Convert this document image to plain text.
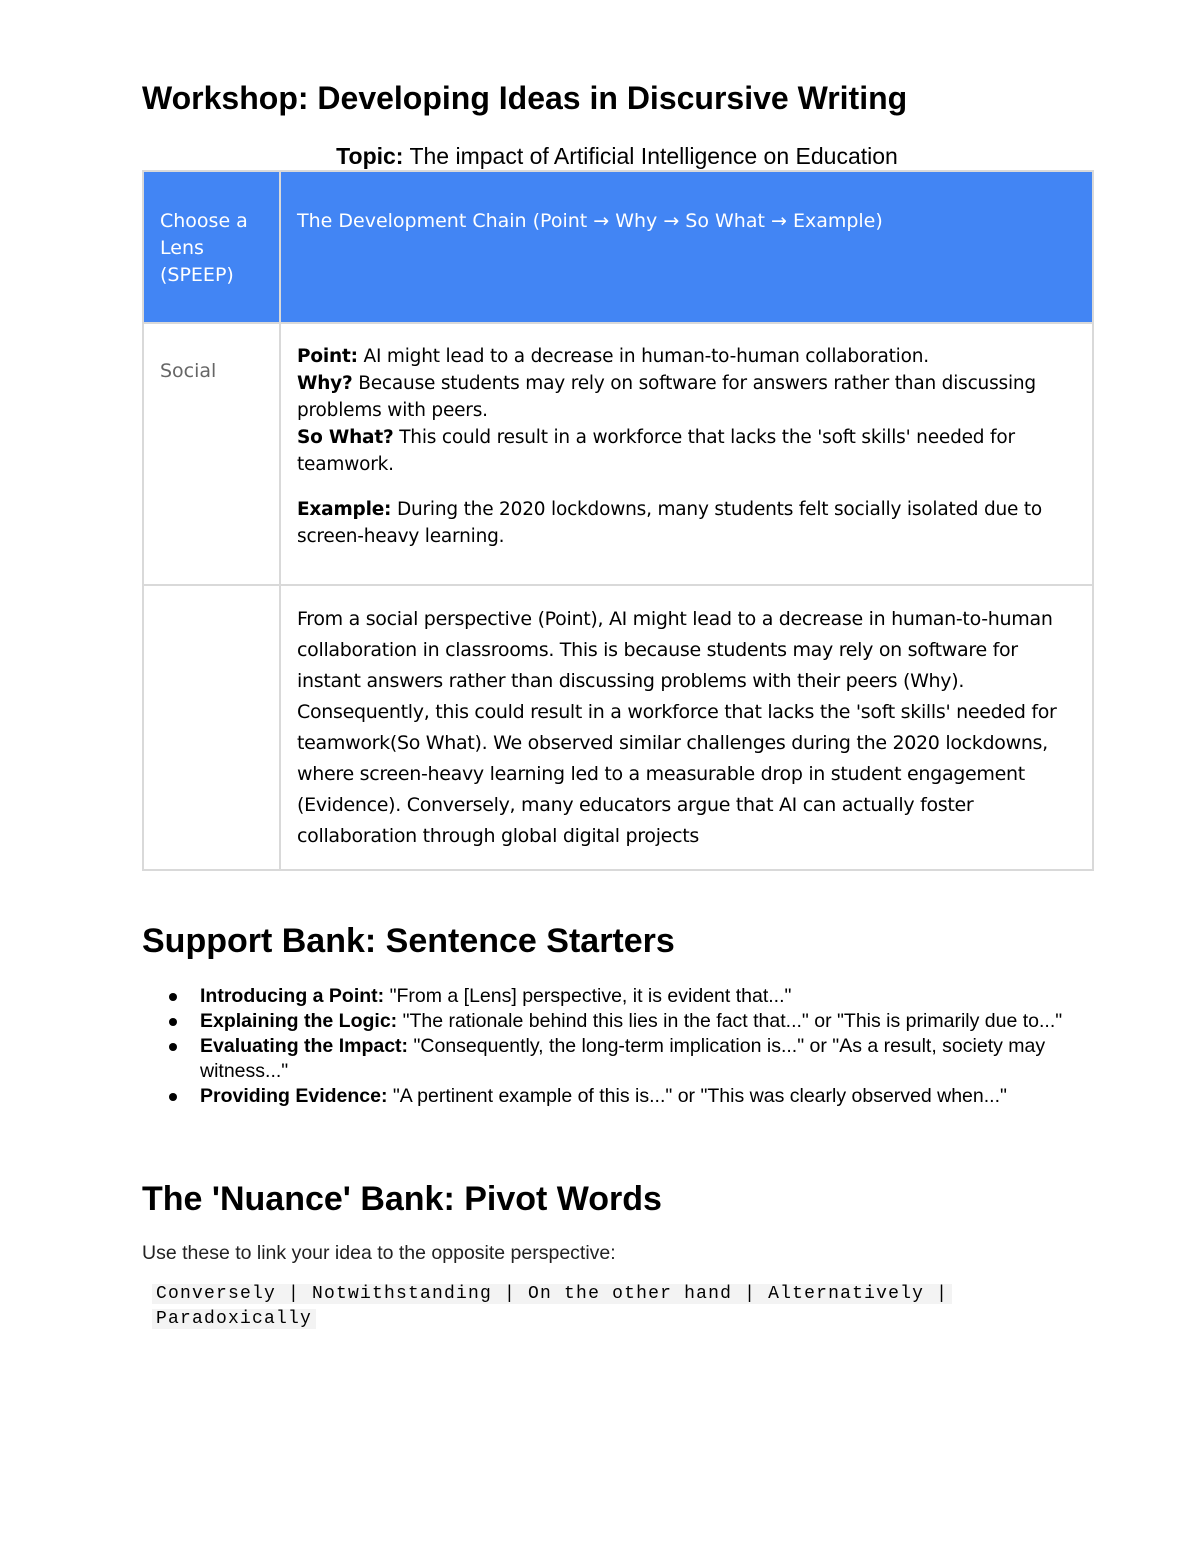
Workshop: Developing Ideas in Discursive Writing
Topic: The impact of Artificial Intelligence on Education
Choose a Lens (SPEEP)	The Development Chain (Point → Why → So What → Example)

Social	Point: AI might lead to a decrease in human-to-human collaboration.
Why? Because students may rely on software for answers rather than discussing problems with peers.
So What? This could result in a workforce that lacks the 'soft skills' needed for teamwork.

Example: During the 2020 lockdowns, many students felt socially isolated due to screen-heavy learning.

	From a social perspective (Point), AI might lead to a decrease in human-to-human collaboration in classrooms. This is because students may rely on software for instant answers rather than discussing problems with their peers (Why). Consequently, this could result in a workforce that lacks the 'soft skills' needed for teamwork(So What). We observed similar challenges during the 2020 lockdowns, where screen-heavy learning led to a measurable drop in student engagement (Evidence). Conversely, many educators argue that AI can actually foster collaboration through global digital projects
Support Bank: Sentence Starters
Introducing a Point: "From a [Lens] perspective, it is evident that..."
Explaining the Logic: "The rationale behind this lies in the fact that..." or "This is primarily due to..."
Evaluating the Impact: "Consequently, the long-term implication is..." or "As a result, society may witness..."
Providing Evidence: "A pertinent example of this is..." or "This was clearly observed when..."
The 'Nuance' Bank: Pivot Words
Use these to link your idea to the opposite perspective:
Conversely | Notwithstanding | On the other hand | Alternatively |
Paradoxically
